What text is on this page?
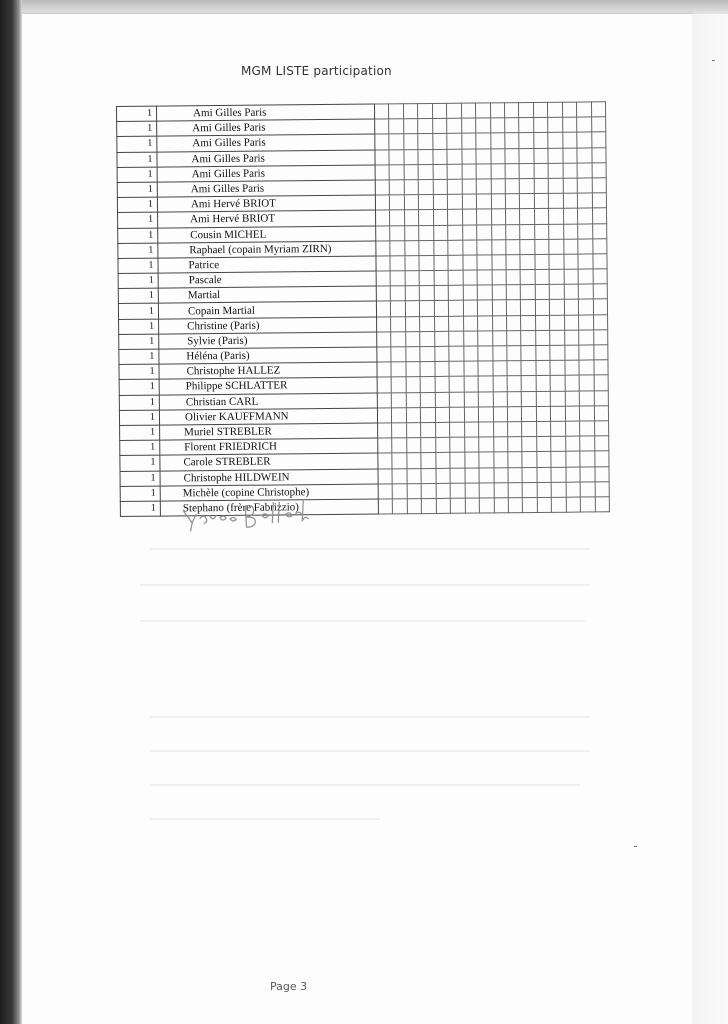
MGM LISTE participation
1	Ami Gilles Paris																
1	Ami Gilles Paris																
1	Ami Gilles Paris																
1	Ami Gilles Paris																
1	Ami Gilles Paris																
1	Ami Gilles Paris																
1	Ami Hervé BRIOT																
1	Ami Hervé BRIOT																
1	Cousin MICHEL																
1	Raphael (copain Myriam ZIRN)																
1	Patrice																
1	Pascale																
1	Martial																
1	Copain Martial																
1	Christine (Paris)																
1	Sylvie (Paris)																
1	Héléna (Paris)																
1	Christophe HALLEZ																
1	Philippe SCHLATTER																
1	Christian CARL																
1	Olivier KAUFFMANN																
1	Muriel STREBLER																
1	Florent FRIEDRICH																
1	Carole STREBLER																
1	Christophe HILDWEIN																
1	Michèle (copine Christophe)																
1	Stephano (frère Fabrizzio)																
Page 3
